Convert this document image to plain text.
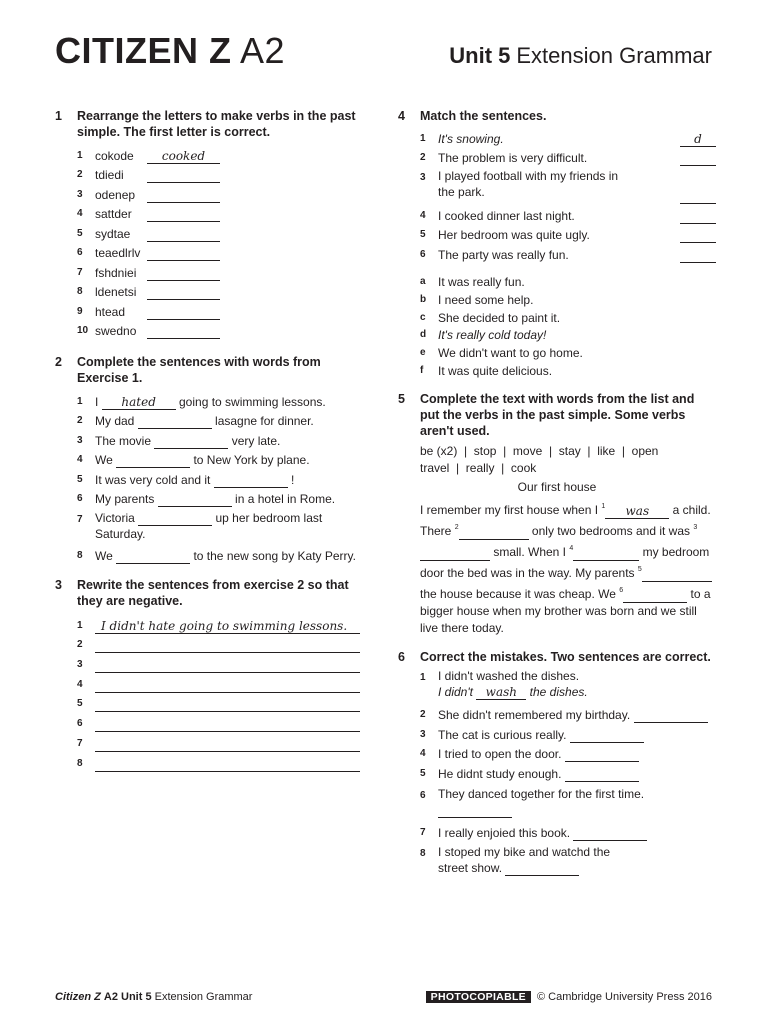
CITIZEN Z A2	Unit 5 Extension Grammar
1	Rearrange the letters to make verbs in the past simple. The first letter is correct.
1	cokode cooked
2	tdiedi
3	odenep
4	sattder
5	sydtae
6	teaedlrlv
7	fshdniei
8	ldenetsi
9	htead
10 swedno
2	Complete the sentences with words from Exercise 1.
1	I hated going to swimming lessons.
2	My dad	lasagne for dinner.
3	The movie	very late.
4	We	to New York by plane.
5	It was very cold and it	!
6	My parents	in a hotel in Rome.
7	Victoria	up her bedroom last Saturday.
8	We	to the new song by Katy Perry.
3	Rewrite the sentences from exercise 2 so that they are negative.
1	I didn't hate going to swimming lessons.
2
3
4
5
6
7
8
4	Match the sentences.
1	It's snowing.	d
2	The problem is very difficult.
3	I played football with my friends in the park.
4	I cooked dinner last night.
5	Her bedroom was quite ugly.
6	The party was really fun.
a	It was really fun.
b I need some help.
c	She decided to paint it.
d It's really cold today!
e	We didn't want to go home.
f	It was quite delicious.
5	Complete the text with words from the list and put the verbs in the past simple. Some verbs aren't used.
be (x2)  |  stop  |  move  |  stay  |  like  |  open
travel  |  really  |  cook
Our first house
I remember my first house when I $^1$ was a child. There $^2$	only two bedrooms and it was $^3$ small. When I $^4$	my bedroom door the bed was in the way. My parents $^5$ the house because it was cheap. We $^6$	to a bigger house when my brother was born and we still live there today.
6	Correct the mistakes. Two sentences are correct.
1	I didn't washed the dishes.
I didn't wash the dishes.
2	She didn't remembered my birthday.
3	The cat is curious really.
4	I tried to open the door.
5	He didnt study enough.
6	They danced together for the first time.
7	I really enjoied this book.
8	I stoped my bike and watchd the street show.
Citizen Z A2 Unit 5 Extension Grammar	PHOTOCOPIABLE © Cambridge University Press 2016
